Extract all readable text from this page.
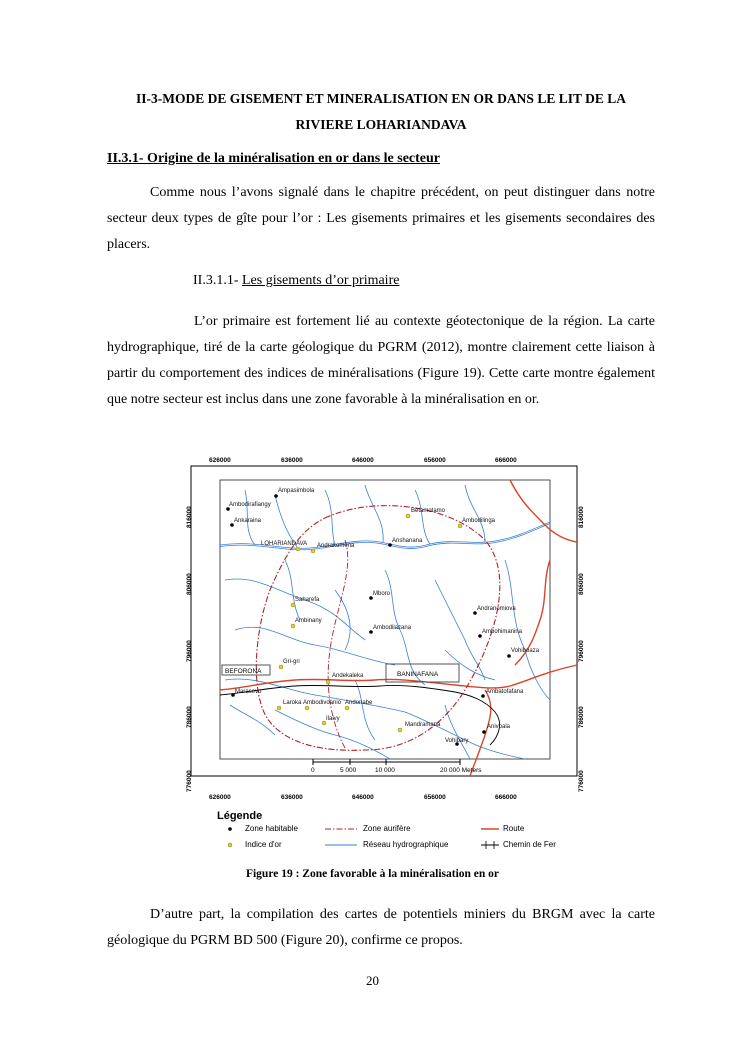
II-3-MODE DE GISEMENT ET MINERALISATION EN OR DANS LE LIT DE LA
RIVIERE LOHARIANDAVA
II.3.1- Origine de la minéralisation en or dans le secteur
Comme nous l’avons signalé dans le chapitre précédent, on peut distinguer dans notre secteur deux types de gîte pour l’or : Les gisements primaires et les gisements secondaires des placers.
II.3.1.1- Les gisements d’or primaire
L’or primaire est fortement lié au contexte géotectonique de la région. La carte hydrographique, tiré de la carte géologique du PGRM (2012), montre clairement cette liaison à partir du comportement des indices de minéralisations (Figure 19). Cette carte montre également que notre secteur est inclus dans une zone favorable à la minéralisation en or.
626000	636000	646000	656000	666000
626000	636000	646000	656000	666000
816000
806000
796000
786000
776000
816000
806000
796000
786000
776000
BEFORONA	BANINAFANA
Ampasimbola
Ambodirafiangy
Ankaraina
LOHARIANDAVA Andrakomena
Betamotamo
Ambodilinga
Anshanana
Saharefa
Mboro
Ambinany
Ambodilazana
Andranomiova
Ambohimanina
Vohiboaza
Gri-gri
Andekaleka
Marasevo
Laroka Ambodivoanio Andonabe
Ilaivy
Mandramana
Ambatofafana
Anivoala
Vohibary
0	5 000	10 000	20 000 Meters
Légende
Zone habitable
Indice d'or
Zone aurifère
Réseau hydrographique
Route
Chemin de Fer
Figure 19 : Zone favorable à la minéralisation en or
D’autre part, la compilation des cartes de potentiels miniers du BRGM avec la carte géologique du PGRM BD 500 (Figure 20), confirme ce propos.
20
